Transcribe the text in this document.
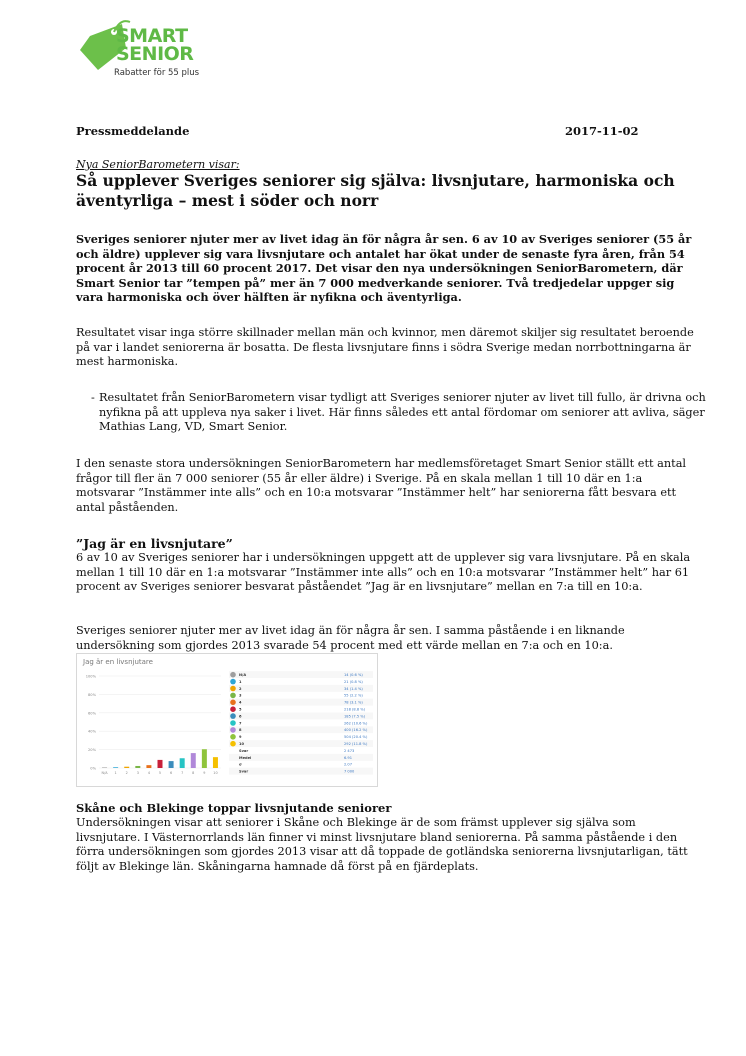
SMART
SENIOR
Rabatter för 55 plus
Pressmeddelande	2017-11-02
Nya SeniorBarometern visar:
Så upplever Sveriges seniorer sig själva: livsnjutare, harmoniska och äventyrliga – mest i söder och norr

Sveriges seniorer njuter mer av livet idag än för några år sen. 6 av 10 av Sveriges seniorer (55 år och äldre) upplever sig vara livsnjutare och antalet har ökat under de senaste fyra åren, från 54 procent år 2013 till 60 procent 2017. Det visar den nya undersökningen SeniorBarometern, där Smart Senior tar ”tempen på” mer än 7 000 medverkande seniorer. Två tredjedelar uppger sig vara harmoniska och över hälften är nyfikna och äventyrliga.

Resultatet visar inga större skillnader mellan män och kvinnor, men däremot skiljer sig resultatet beroende på var i landet seniorerna är bosatta. De flesta livsnjutare finns i södra Sverige medan norrbottningarna är mest harmoniska.

- Resultatet från SeniorBarometern visar tydligt att Sveriges seniorer njuter av livet till fullo, är drivna och nyfikna på att uppleva nya saker i livet. Här finns således ett antal fördomar om seniorer att avliva, säger Mathias Lang, VD, Smart Senior.

I den senaste stora undersökningen SeniorBarometern har medlemsföretaget Smart Senior ställt ett antal frågor till fler än 7 000 seniorer (55 år eller äldre) i Sverige. På en skala mellan 1 till 10 där en 1:a motsvarar ”Instämmer inte alls” och en 10:a motsvarar ”Instämmer helt” har seniorerna fått besvara ett antal påståenden.

”Jag är en livsnjutare”

6 av 10 av Sveriges seniorer har i undersökningen uppgett att de upplever sig vara livsnjutare. På en skala mellan 1 till 10 där en 1:a motsvarar ”Instämmer inte alls” och en 10:a motsvarar ”Instämmer helt” har 61 procent av Sveriges seniorer besvarat påståendet ”Jag är en livsnjutare” mellan en 7:a till en 10:a.

Sveriges seniorer njuter mer av livet idag än för några år sen. I samma påstående i en liknande undersökning som gjordes 2013 svarade 54 procent med ett värde mellan en 7:a och en 10:a.

Jag är en livsnjutare
100%
80%
60%
40%
20%
0%
N/A 1	2	3	4	5	6	7	8	9 10
N/A	14 (0.6 %)
1	21 (0.8 %)
2	34 (1.4 %)
3	55 (2.2 %)
4	78 (3.1 %)
5	218 (8.8 %)
6	185 (7.5 %)
7	262 (10.6 %)
8	400 (16.2 %)
9	504 (20.4 %)
10	292 (11.8 %)
Svar	2 473
Medel	6.91
σ	2.07
Svar	7 000
Skåne och Blekinge toppar livsnjutande seniorer

Undersökningen visar att seniorer i Skåne och Blekinge är de som främst upplever sig själva som livsnjutare. I Västernorrlands län finner vi minst livsnjutare bland seniorerna. På samma påstående i den förra undersökningen som gjordes 2013 visar att då toppade de gotländska seniorerna livsnjutarligan, tätt följt av Blekinge län. Skåningarna hamnade då först på en fjärdeplats.
